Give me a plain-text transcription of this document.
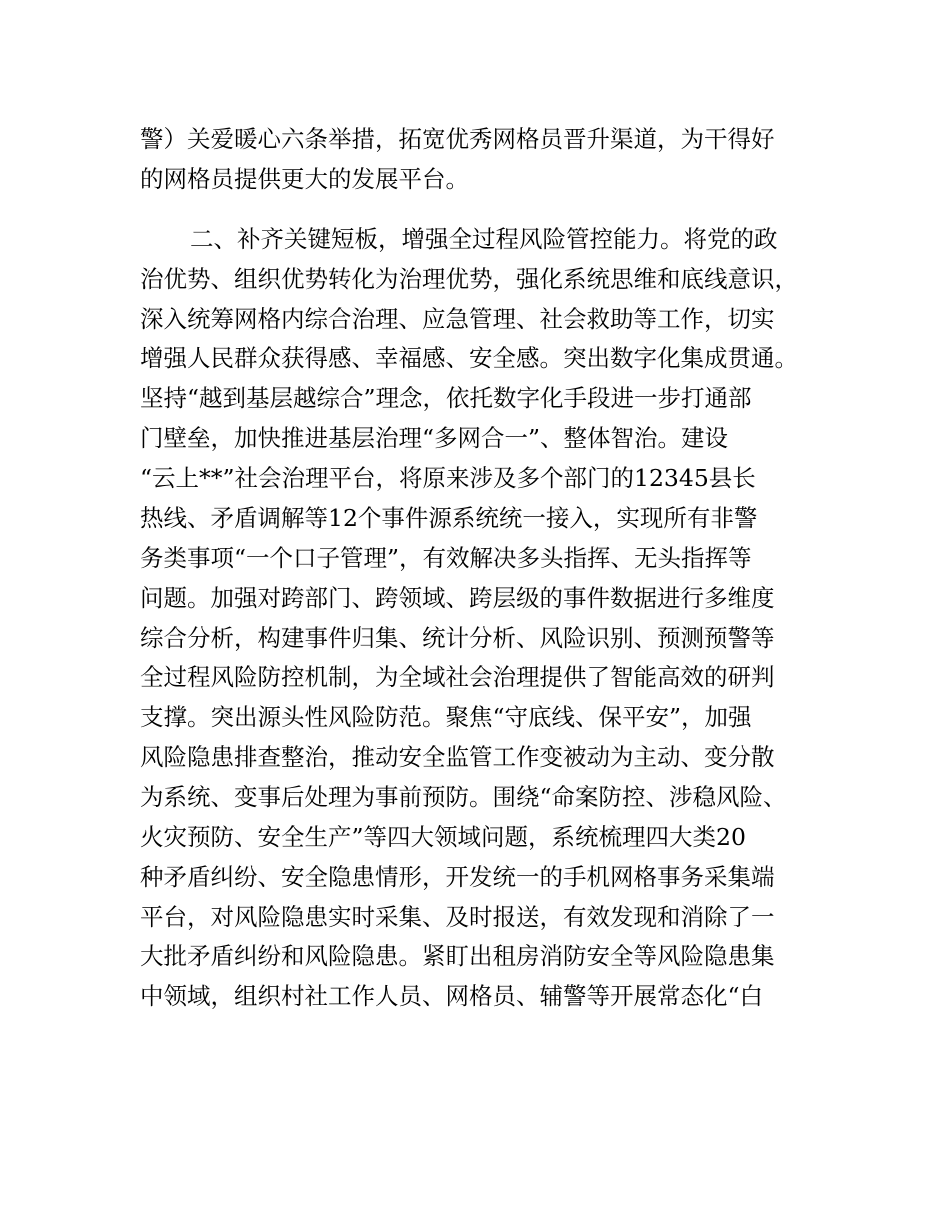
警）关爱暖心六条举措，拓宽优秀网格员晋升渠道，为干得好
的网格员提供更大的发展平台。
二、补齐关键短板，增强全过程风险管控能力。将党的政
治优势、组织优势转化为治理优势，强化系统思维和底线意识，
深入统筹网格内综合治理、应急管理、社会救助等工作，切实
增强人民群众获得感、幸福感、安全感。突出数字化集成贯通。
坚持“越到基层越综合”理念，依托数字化手段进一步打通部
门壁垒，加快推进基层治理“多网合一”、整体智治。建设
“云上**”社会治理平台，将原来涉及多个部门的12345县长
热线、矛盾调解等12个事件源系统统一接入，实现所有非警
务类事项“一个口子管理”，有效解决多头指挥、无头指挥等
问题。加强对跨部门、跨领域、跨层级的事件数据进行多维度
综合分析，构建事件归集、统计分析、风险识别、预测预警等
全过程风险防控机制，为全域社会治理提供了智能高效的研判
支撑。突出源头性风险防范。聚焦“守底线、保平安”，加强
风险隐患排查整治，推动安全监管工作变被动为主动、变分散
为系统、变事后处理为事前预防。围绕“命案防控、涉稳风险、
火灾预防、安全生产”等四大领域问题，系统梳理四大类20
种矛盾纠纷、安全隐患情形，开发统一的手机网格事务采集端
平台，对风险隐患实时采集、及时报送，有效发现和消除了一
大批矛盾纠纷和风险隐患。紧盯出租房消防安全等风险隐患集
中领域，组织村社工作人员、网格员、辅警等开展常态化“白
